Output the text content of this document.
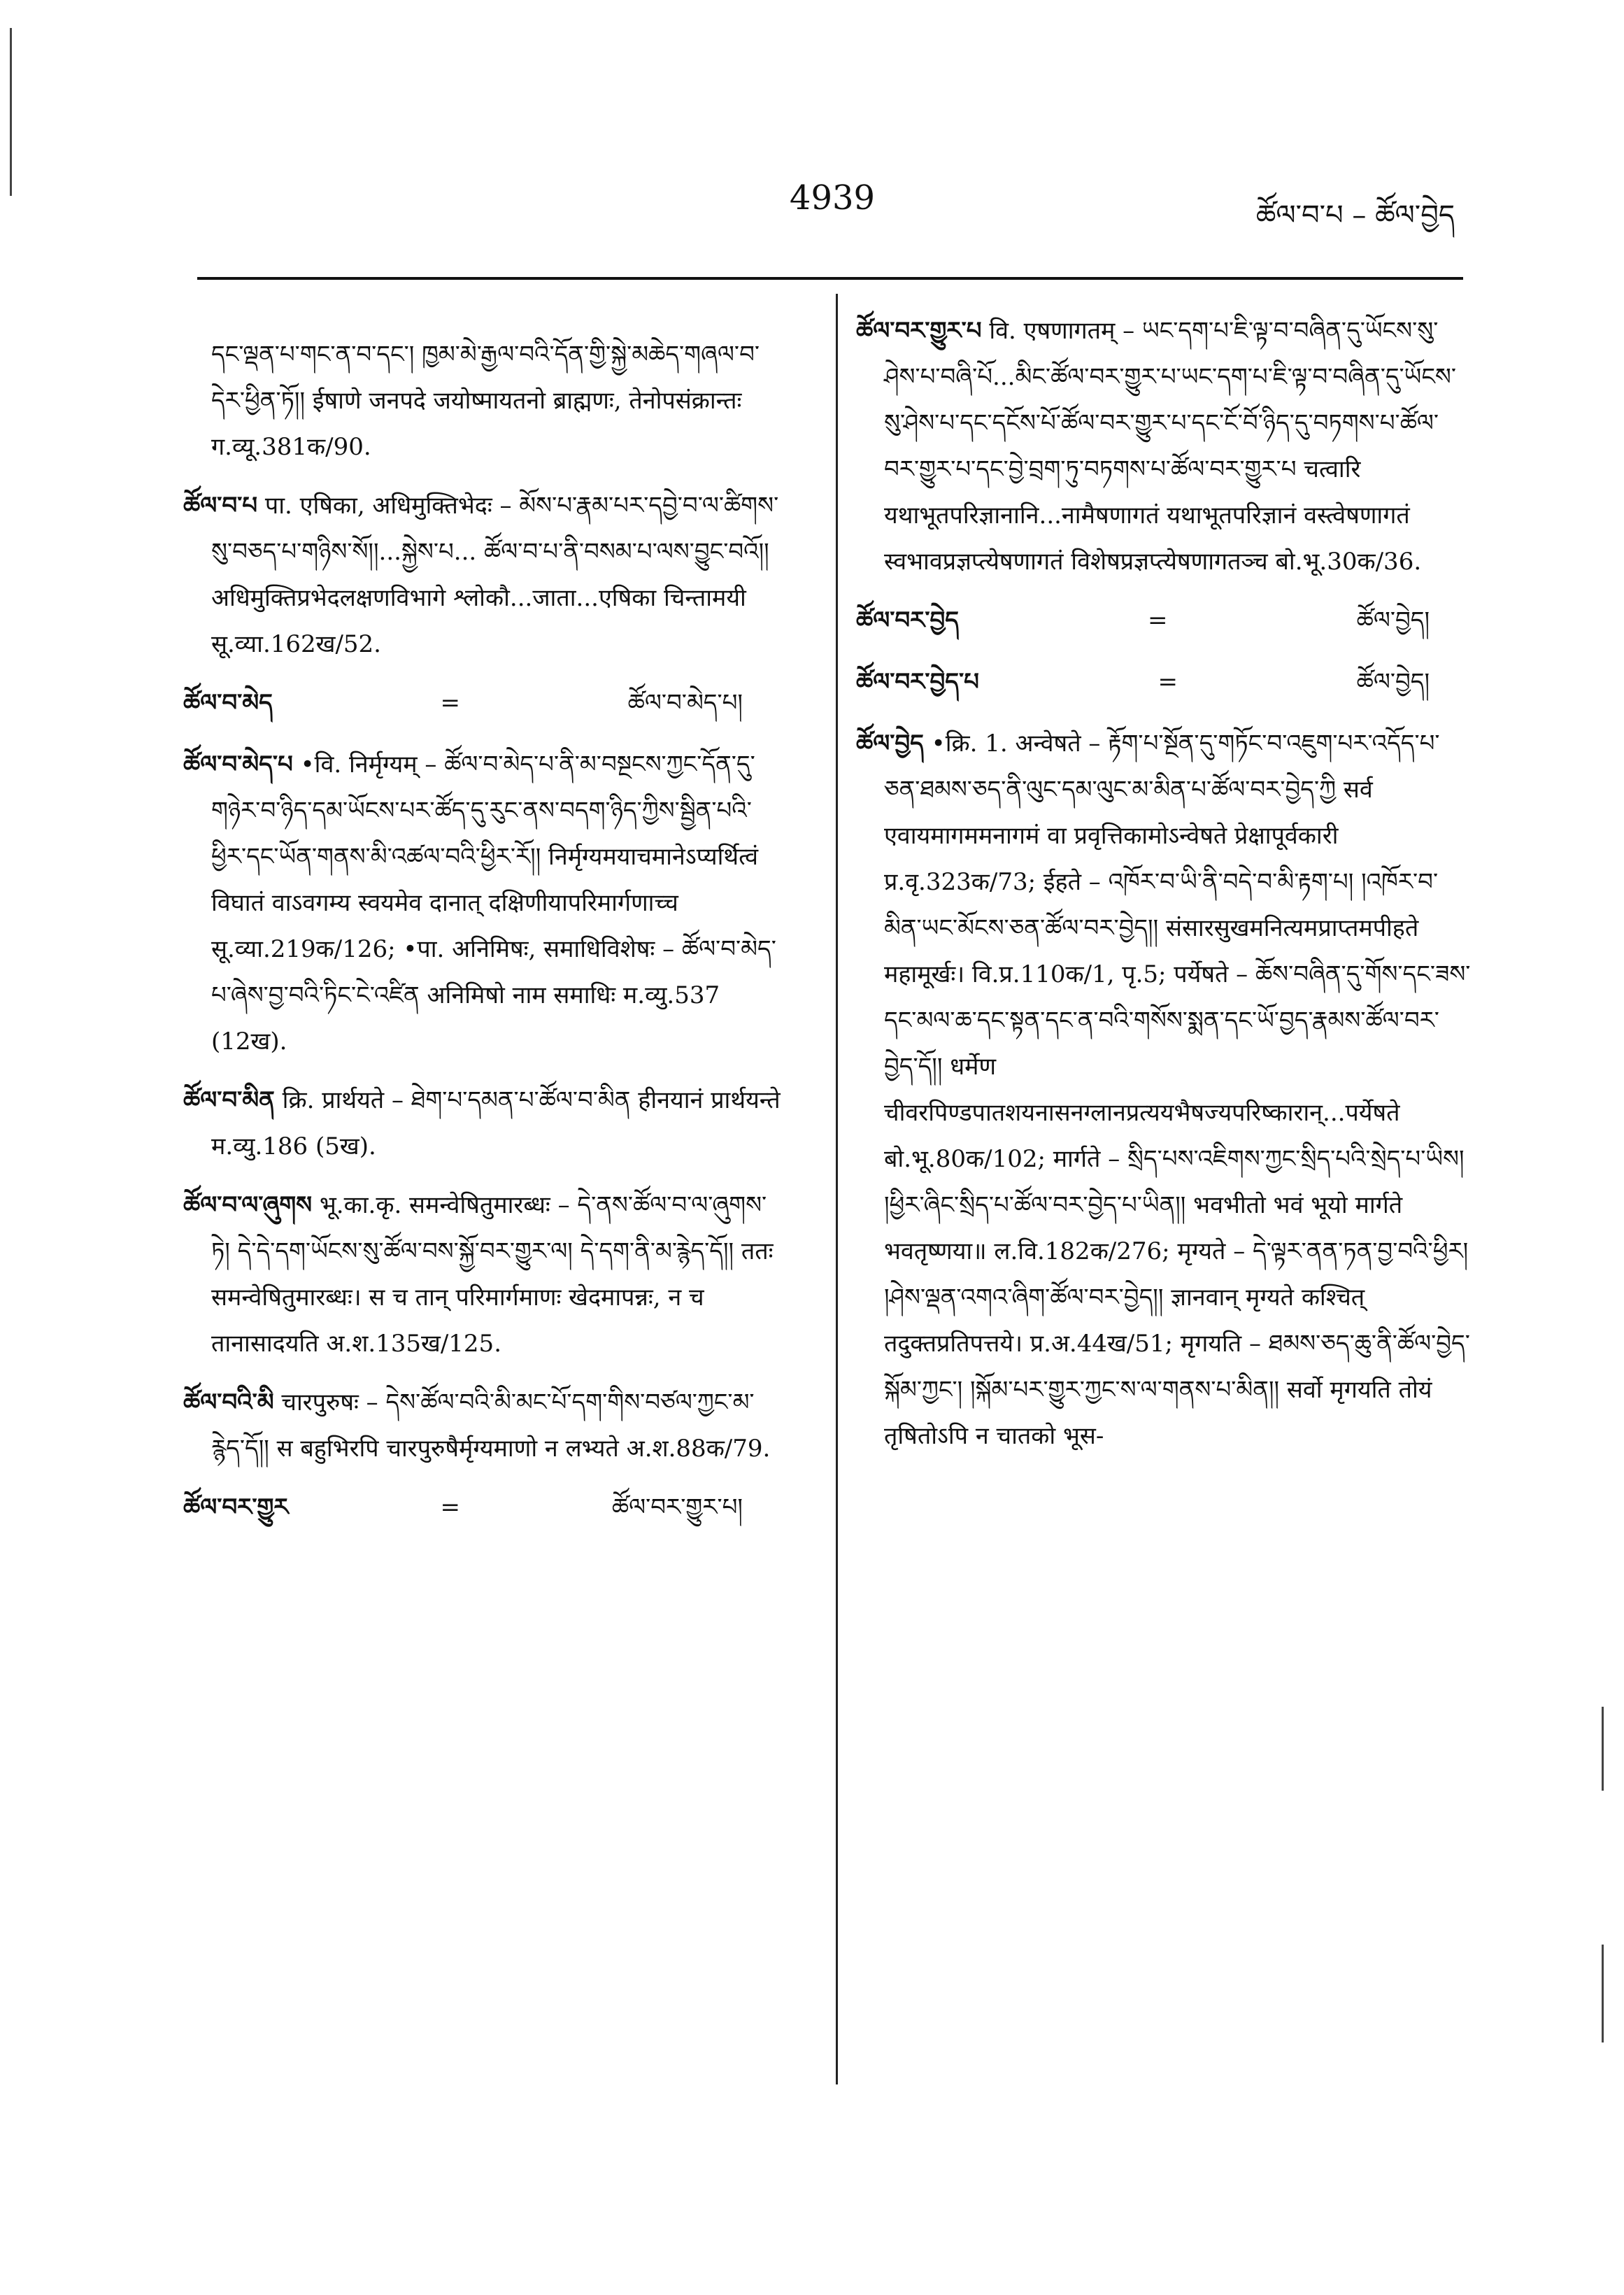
4939	ཚོལ་བ་པ – ཚོལ་བྱེད

དང་ལྡན་པ་གང་ན་བ་དང་། ཁྱམ་མེ་རྒྱལ་བའི་དོན་གྱི་སྐྱེ་མཆེད་གཞལ་བ་དེར་ཕྱིན་ཏོ།། ईषाणे जनपदे जयोष्मायतनो ब्राह्मणः, तेनोपसंक्रान्तः ग.व्यू.381क/90.

ཚོལ་བ་པ पा. एषिका, अधिमुक्तिभेदः – མོས་པ་རྣམ་པར་དབྱེ་བ་ལ་ཚིགས་སུ་བཅད་པ་གཉིས་སོ།།...སྐྱེས་པ... ཚོལ་བ་པ་ནི་བསམ་པ་ལས་བྱུང་བའོ།། अधिमुक्तिप्रभेदलक्षणविभागे श्लोकौ...जाता...एषिका चिन्तामयी सू.व्या.162ख/52.

ཚོལ་བ་མེད	=	ཚོལ་བ་མེད་པ།

ཚོལ་བ་མེད་པ •वि. निर्मृग्यम् – ཚོལ་བ་མེད་པ་ནི་མ་བསྔངས་ཀྱང་དོན་དུ་གཉེར་བ་ཉིད་དམ་ཡོངས་པར་ཚོད་དུ་རུང་ནས་བདག་ཉིད་ཀྱིས་སྦྱིན་པའི་ཕྱིར་དང་ཡོན་གནས་མི་འཚལ་བའི་ཕྱིར་རོ།། निर्मृग्यमयाचमानेऽप्यर्थित्वं विघातं वाऽवगम्य स्वयमेव दानात् दक्षिणीयापरिमार्गणाच्च सू.व्या.219क/126; •पा. अनिमिषः, समाधिविशेषः – ཚོལ་བ་མེད་པ་ཞེས་བྱ་བའི་ཏིང་ངེ་འཛིན अनिमिषो नाम समाधिः म.व्यु.537 (12ख).

ཚོལ་བ་མིན क्रि. प्रार्थयते – ཐེག་པ་དམན་པ་ཚོལ་བ་མིན हीनयानं प्रार्थयन्ते म.व्यु.186 (5ख).

ཚོལ་བ་ལ་ཞུགས भू.का.कृ. समन्वेषितुमारब्धः – དེ་ནས་ཚོལ་བ་ལ་ཞུགས་ཏེ། དེ་དེ་དག་ཡོངས་སུ་ཚོལ་བས་སྐྱོ་བར་གྱུར་ལ། དེ་དག་ནི་མ་རྙེད་དོ།། ततः समन्वेषितुमारब्धः। स च तान् परिमार्गमाणः खेदमापन्नः, न च तानासादयति अ.श.135ख/125.

ཚོལ་བའི་མི चारपुरुषः – དེས་ཚོལ་བའི་མི་མང་པོ་དག་གིས་བཙལ་ཀྱང་མ་རྙེད་དོ།། स बहुभिरपि चारपुरुषैर्मृग्यमाणो न लभ्यते अ.श.88क/79.

ཚོལ་བར་གྱུར	=	ཚོལ་བར་གྱུར་པ།

ཚོལ་བར་གྱུར་པ वि. एषणागतम् – ཡང་དག་པ་ཇི་ལྟ་བ་བཞིན་དུ་ཡོངས་སུ་ཤེས་པ་བཞི་པོ...མིང་ཚོལ་བར་གྱུར་པ་ཡང་དག་པ་ཇི་ལྟ་བ་བཞིན་དུ་ཡོངས་སུ་ཤེས་པ་དང་དངོས་པོ་ཚོལ་བར་གྱུར་པ་དང་ངོ་བོ་ཉིད་དུ་བཏགས་པ་ཚོལ་བར་གྱུར་པ་དང་བྱེ་བྲག་ཏུ་བཏགས་པ་ཚོལ་བར་གྱུར་པ चत्वारि यथाभूतपरिज्ञानानि...नामैषणागतं यथाभूतपरिज्ञानं वस्त्वेषणागतं स्वभावप्रज्ञप्त्येषणागतं विशेषप्रज्ञप्त्येषणागतञ्च बो.भू.30क/36.

ཚོལ་བར་བྱེད	=	ཚོལ་བྱེད།
ཚོལ་བར་བྱེད་པ	=	ཚོལ་བྱེད།

ཚོལ་བྱེད •क्रि. 1. अन्वेषते – རྟོག་པ་སྔོན་དུ་གཏོང་བ་འཇུག་པར་འདོད་པ་ཅན་ཐམས་ཅད་ནི་ལུང་དམ་ལུང་མ་མིན་པ་ཚོལ་བར་བྱེད་ཀྱི सर्व एवायमागममनागमं वा प्रवृत्तिकामोऽन्वेषते प्रेक्षापूर्वकारी प्र.वृ.323क/73; ईहते – འཁོར་བ་ཡི་ནི་བདེ་བ་མི་རྟག་པ། །འཁོར་བ་མིན་ཡང་མོངས་ཅན་ཚོལ་བར་བྱེད།། संसारसुखमनित्यमप्राप्तमपीहते महामूर्खः। वि.प्र.110क/1, पृ.5; पर्येषते – ཆོས་བཞིན་དུ་གོས་དང་ཟས་དང་མལ་ཆ་དང་སྟན་དང་ན་བའི་གསོས་སྨན་དང་ཡོ་བྱད་རྣམས་ཚོལ་བར་བྱེད་དོ།། धर्मेण चीवरपिण्डपातशयनासनग्लानप्रत्ययभैषज्यपरिष्कारान्...पर्येषते बो.भू.80क/102; मार्गते – སྲིད་པས་འཇིགས་ཀྱང་སྲིད་པའི་སྲེད་པ་ཡིས། །ཕྱིར་ཞིང་སྲིད་པ་ཚོལ་བར་བྱེད་པ་ཡིན།། भवभीतो भवं भूयो मार्गते भवतृष्णया॥ ल.वि.182क/276; मृग्यते – དེ་ལྟར་ནན་ཏན་བྱ་བའི་ཕྱིར། །ཤེས་ལྡན་འགའ་ཞིག་ཚོལ་བར་བྱེད།། ज्ञानवान् मृग्यते कश्चित् तदुक्तप्रतिपत्तये। प्र.अ.44ख/51; मृगयति – ཐམས་ཅད་ཆུ་ནི་ཚོལ་བྱེད་སྐོམ་ཀྱང་། །སྐོམ་པར་གྱུར་ཀྱང་ས་ལ་གནས་པ་མིན།། सर्वो मृगयति तोयं तृषितोऽपि न चातको भूस-
